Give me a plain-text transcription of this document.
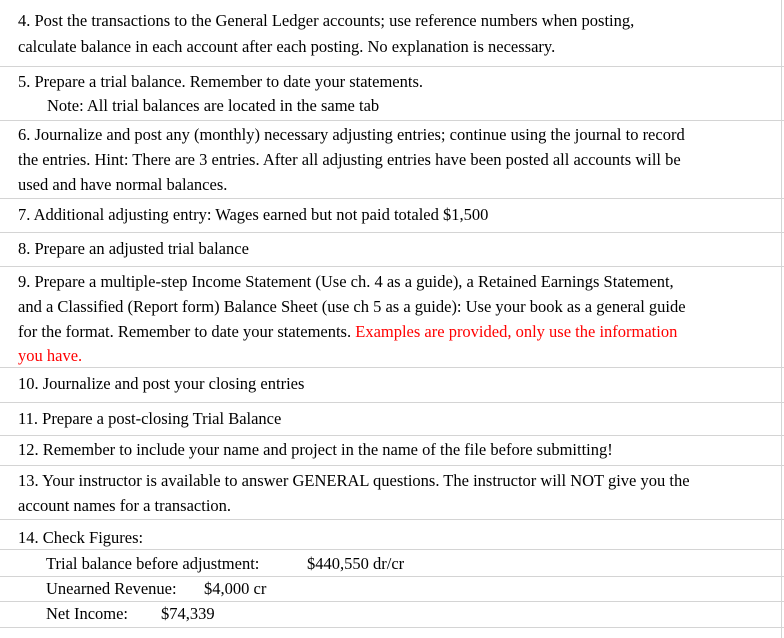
4. Post the transactions to the General Ledger accounts; use reference numbers when posting,
calculate balance in each account after each posting. No explanation is necessary.
5. Prepare a trial balance. Remember to date your statements.
Note: All trial balances are located in the same tab
6. Journalize and post any (monthly) necessary adjusting entries; continue using the journal to record
the entries. Hint: There are 3 entries. After all adjusting entries have been posted all accounts will be
used and have normal balances.
7. Additional adjusting entry: Wages earned but not paid totaled $1,500
8. Prepare an adjusted trial balance
9. Prepare a multiple-step Income Statement (Use ch. 4 as a guide), a Retained Earnings Statement,
and a Classified (Report form) Balance Sheet (use ch 5 as a guide): Use your book as a general guide
for the format. Remember to date your statements. Examples are provided, only use the information
you have.
10. Journalize and post your closing entries
11. Prepare a post-closing Trial Balance
12. Remember to include your name and project in the name of the file before submitting!
13. Your instructor is available to answer GENERAL questions. The instructor will NOT give you the
account names for a transaction.
14. Check Figures:
Trial balance before adjustment:	$440,550 dr/cr
Unearned Revenue: $4,000 cr
Net Income: $74,339
